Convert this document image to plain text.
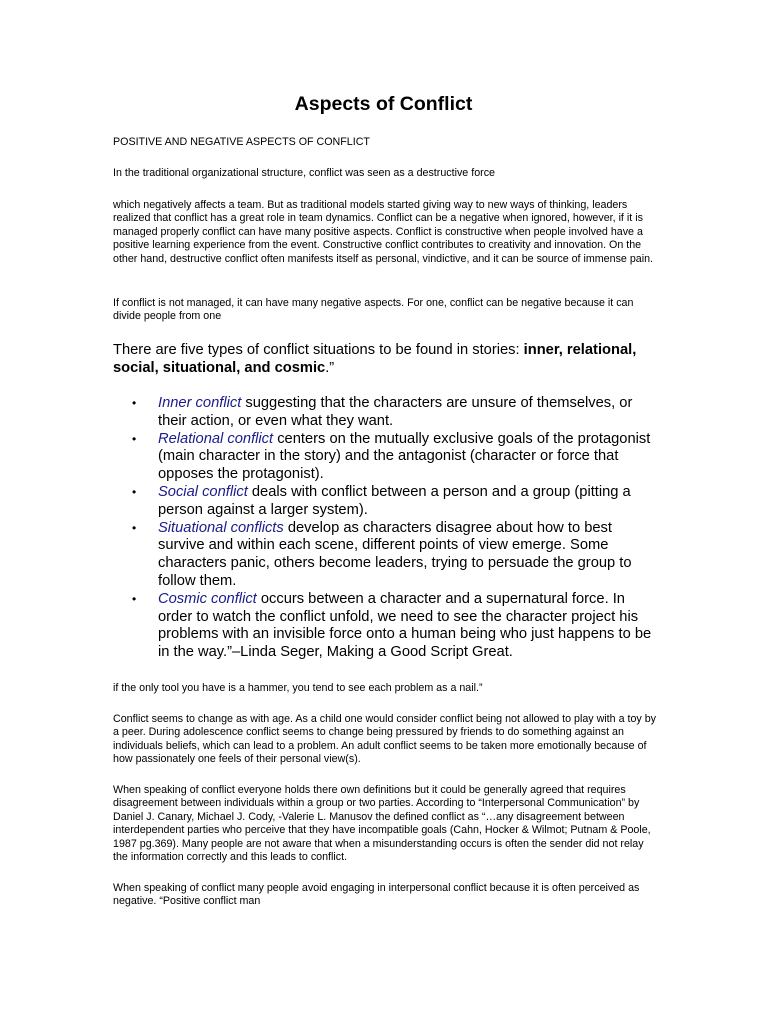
Aspects of Conflict

POSITIVE AND NEGATIVE ASPECTS OF CONFLICT

In the traditional organizational structure, conflict was seen as a destructive force

which negatively affects a team. But as traditional models started giving way to new ways of thinking, leaders realized that conflict has a great role in team dynamics. Conflict can be a negative when ignored, however, if it is managed properly conflict can have many positive aspects. Conflict is constructive when people involved have a positive learning experience from the event. Constructive conflict contributes to creativity and innovation. On the other hand, destructive conflict often manifests itself as personal, vindictive, and it can be source of immense pain.

If conflict is not managed, it can have many negative aspects. For one, conflict can be negative because it can divide people from one

There are five types of conflict situations to be found in stories: inner, relational, social, situational, and cosmic.”

• Inner conflict suggesting that the characters are unsure of themselves, or their action, or even what they want.
• Relational conflict centers on the mutually exclusive goals of the protagonist (main character in the story) and the antagonist (character or force that opposes the protagonist).
• Social conflict deals with conflict between a person and a group (pitting a person against a larger system).
• Situational conflicts develop as characters disagree about how to best survive and within each scene, different points of view emerge. Some characters panic, others become leaders, trying to persuade the group to follow them.
• Cosmic conflict occurs between a character and a supernatural force. In order to watch the conflict unfold, we need to see the character project his problems with an invisible force onto a human being who just happens to be in the way.”–Linda Seger, Making a Good Script Great.

if the only tool you have is a hammer, you tend to see each problem as a nail.”

Conflict seems to change as with age. As a child one would consider conflict being not allowed to play with a toy by a peer. During adolescence conflict seems to change being pressured by friends to do something against an individuals beliefs, which can lead to a problem. An adult conflict seems to be taken more emotionally because of how passionately one feels of their personal view(s).

When speaking of conflict everyone holds there own definitions but it could be generally agreed that requires disagreement between individuals within a group or two parties. According to “Interpersonal Communication” by Daniel J. Canary, Michael J. Cody, -Valerie L. Manusov the defined conflict as “…any disagreement between interdependent parties who perceive that they have incompatible goals (Cahn, Hocker & Wilmot; Putnam & Poole, 1987 pg.369). Many people are not aware that when a misunderstanding occurs is often the sender did not relay the information correctly and this leads to conflict.

When speaking of conflict many people avoid engaging in interpersonal conflict because it is often perceived as negative. “Positive conflict man
